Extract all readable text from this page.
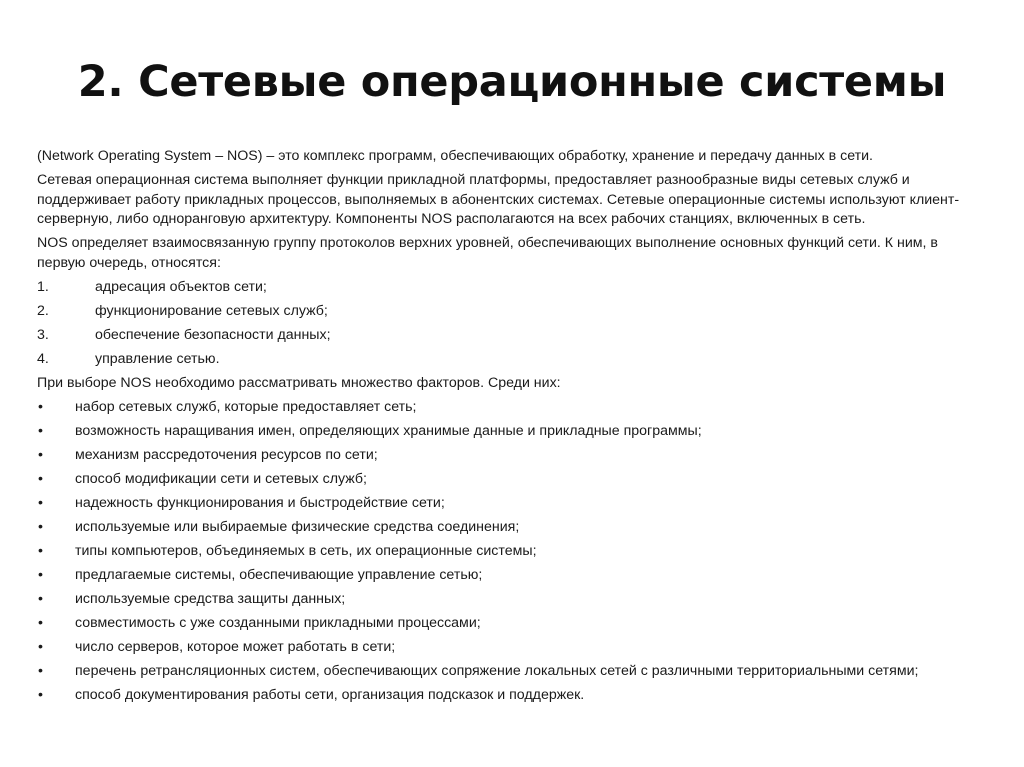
2. Сетевые операционные системы
(Network Operating System – NOS) – это комплекс программ, обеспечивающих обработку, хранение и передачу данных в сети.
Сетевая операционная система выполняет функции прикладной платформы, предоставляет разнообразные виды сетевых служб и поддерживает работу прикладных процессов, выполняемых в абонентских системах. Сетевые операционные системы используют клиент-серверную, либо одноранговую архитектуру. Компоненты NOS располагаются на всех рабочих станциях, включенных в сеть.
NOS определяет взаимосвязанную группу протоколов верхних уровней, обеспечивающих выполнение основных функций сети. К ним, в первую очередь, относятся:
1.	адресация объектов сети;
2.	функционирование сетевых служб;
3.	обеспечение безопасности данных;
4.	управление сетью.
При выборе NOS необходимо рассматривать множество факторов. Среди них:
•	набор сетевых служб, которые предоставляет сеть;
•	возможность наращивания имен, определяющих хранимые данные и прикладные программы;
•	механизм рассредоточения ресурсов по сети;
•	способ модификации сети и сетевых служб;
•	надежность функционирования и быстродействие сети;
•	используемые или выбираемые физические средства соединения;
•	типы компьютеров, объединяемых в сеть, их операционные системы;
•	предлагаемые системы, обеспечивающие управление сетью;
•	используемые средства защиты данных;
•	совместимость с уже созданными прикладными процессами;
•	число серверов, которое может работать в сети;
•	перечень ретрансляционных систем, обеспечивающих сопряжение локальных сетей с различными территориальными сетями;
•	способ документирования работы сети, организация подсказок и поддержек.
